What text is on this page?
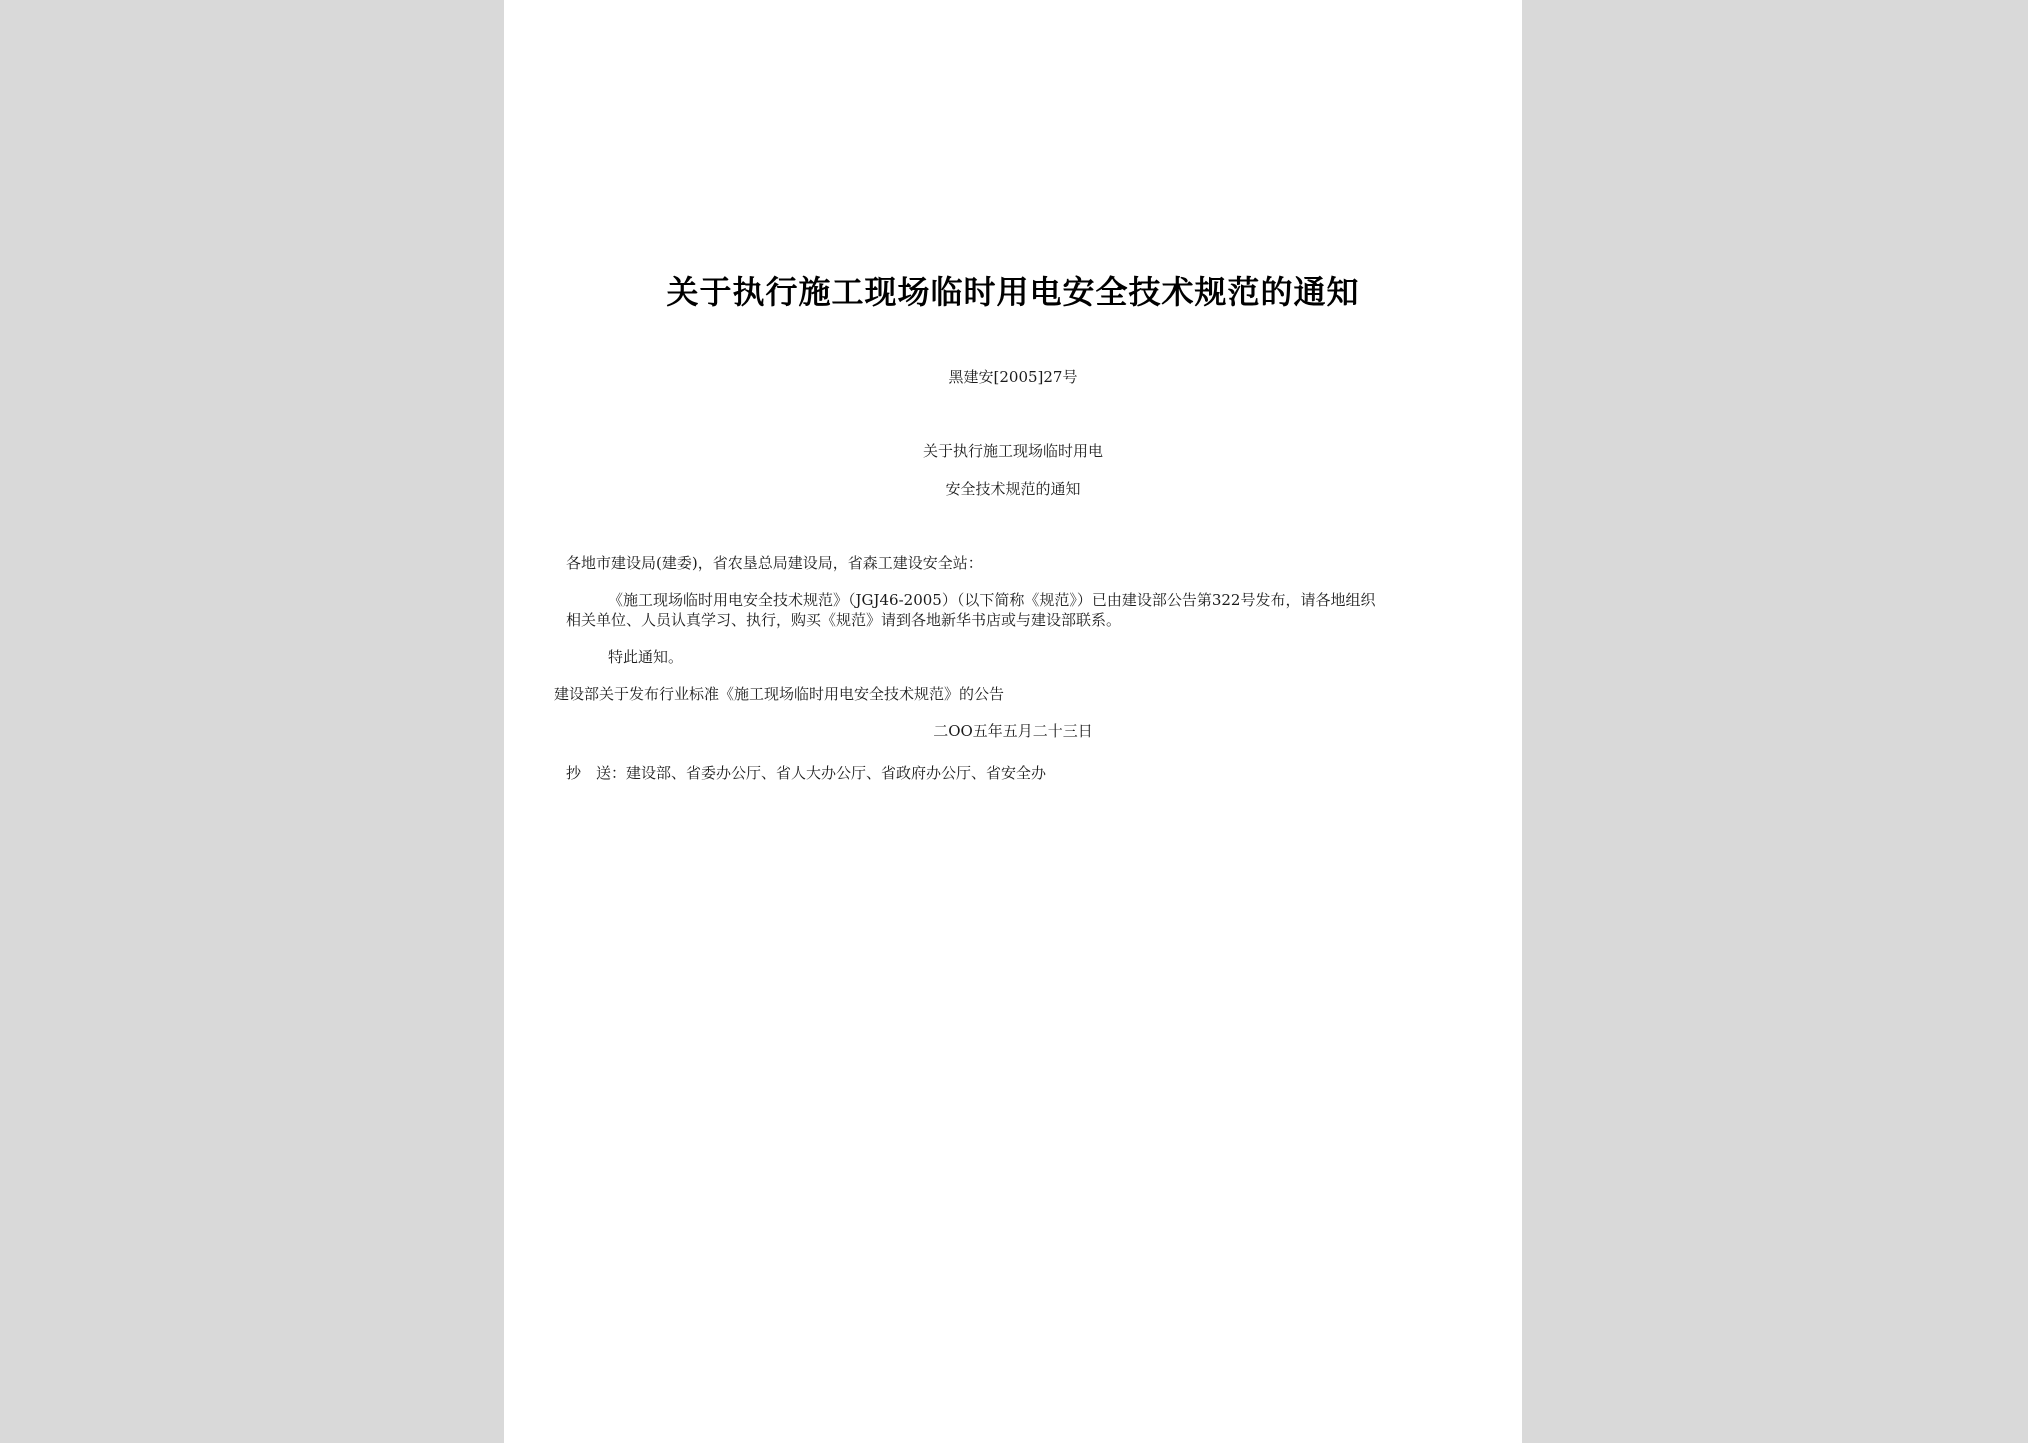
关于执行施工现场临时用电安全技术规范的通知
黑建安[2005]27号
关于执行施工现场临时用电
安全技术规范的通知
各地市建设局(建委)，省农垦总局建设局，省森工建设安全站：
《施工现场临时用电安全技术规范》（JGJ46-2005）（以下简称《规范》）已由建设部公告第322号发布，请各地组织
相关单位、人员认真学习、执行，购买《规范》请到各地新华书店或与建设部联系。
特此通知。
建设部关于发布行业标准《施工现场临时用电安全技术规范》的公告
二OO五年五月二十三日
抄　送：建设部、省委办公厅、省人大办公厅、省政府办公厅、省安全办
